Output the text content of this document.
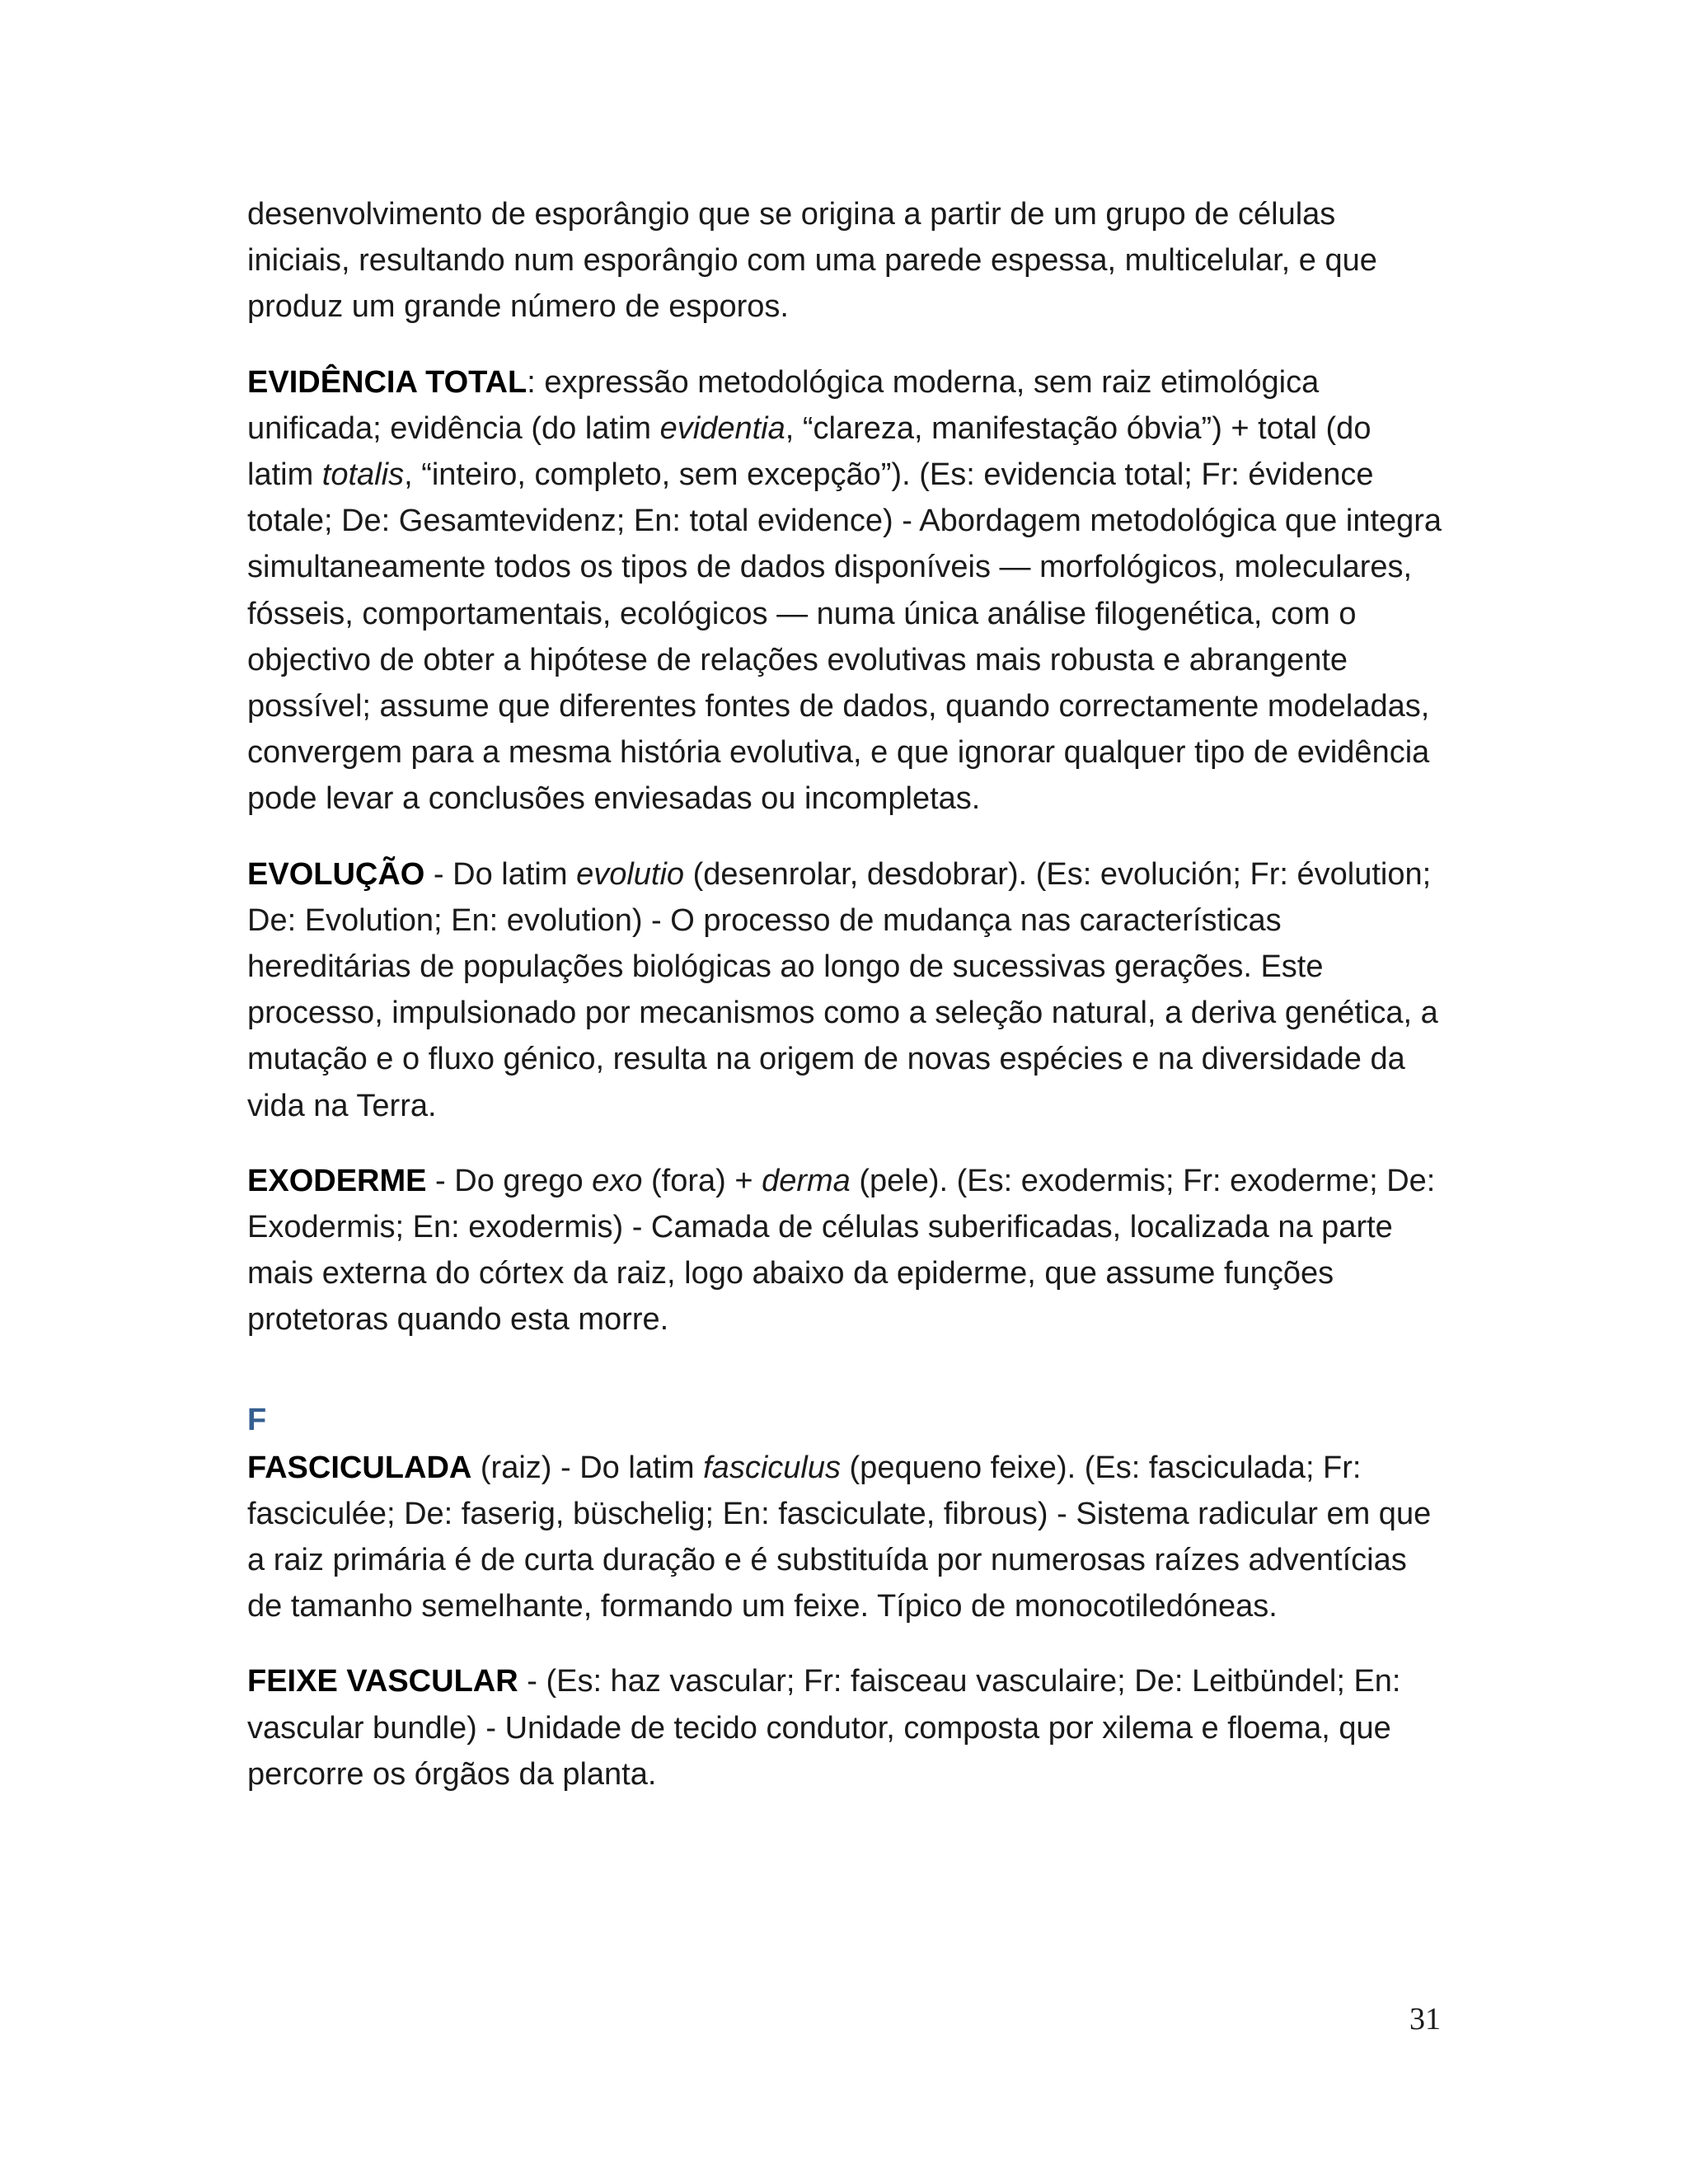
desenvolvimento de esporângio que se origina a partir de um grupo de células iniciais, resultando num esporângio com uma parede espessa, multicelular, e que produz um grande número de esporos.

EVIDÊNCIA TOTAL: expressão metodológica moderna, sem raiz etimológica unificada; evidência (do latim evidentia, “clareza, manifestação óbvia”) + total (do latim totalis, “inteiro, completo, sem excepção”). (Es: evidencia total; Fr: évidence totale; De: Gesamtevidenz; En: total evidence) - Abordagem metodológica que integra simultaneamente todos os tipos de dados disponíveis — morfológicos, moleculares, fósseis, comportamentais, ecológicos — numa única análise filogenética, com o objectivo de obter a hipótese de relações evolutivas mais robusta e abrangente possível; assume que diferentes fontes de dados, quando correctamente modeladas, convergem para a mesma história evolutiva, e que ignorar qualquer tipo de evidência pode levar a conclusões enviesadas ou incompletas.

EVOLUÇÃO - Do latim evolutio (desenrolar, desdobrar). (Es: evolución; Fr: évolution; De: Evolution; En: evolution) - O processo de mudança nas características hereditárias de populações biológicas ao longo de sucessivas gerações. Este processo, impulsionado por mecanismos como a seleção natural, a deriva genética, a mutação e o fluxo génico, resulta na origem de novas espécies e na diversidade da vida na Terra.

EXODERME - Do grego exo (fora) + derma (pele). (Es: exodermis; Fr: exoderme; De: Exodermis; En: exodermis) - Camada de células suberificadas, localizada na parte mais externa do córtex da raiz, logo abaixo da epiderme, que assume funções protetoras quando esta morre.

F

FASCICULADA (raiz) - Do latim fasciculus (pequeno feixe). (Es: fasciculada; Fr: fasciculée; De: faserig, büschelig; En: fasciculate, fibrous) - Sistema radicular em que a raiz primária é de curta duração e é substituída por numerosas raízes adventícias de tamanho semelhante, formando um feixe. Típico de monocotiledóneas.

FEIXE VASCULAR - (Es: haz vascular; Fr: faisceau vasculaire; De: Leitbündel; En: vascular bundle) - Unidade de tecido condutor, composta por xilema e floema, que percorre os órgãos da planta.

31
